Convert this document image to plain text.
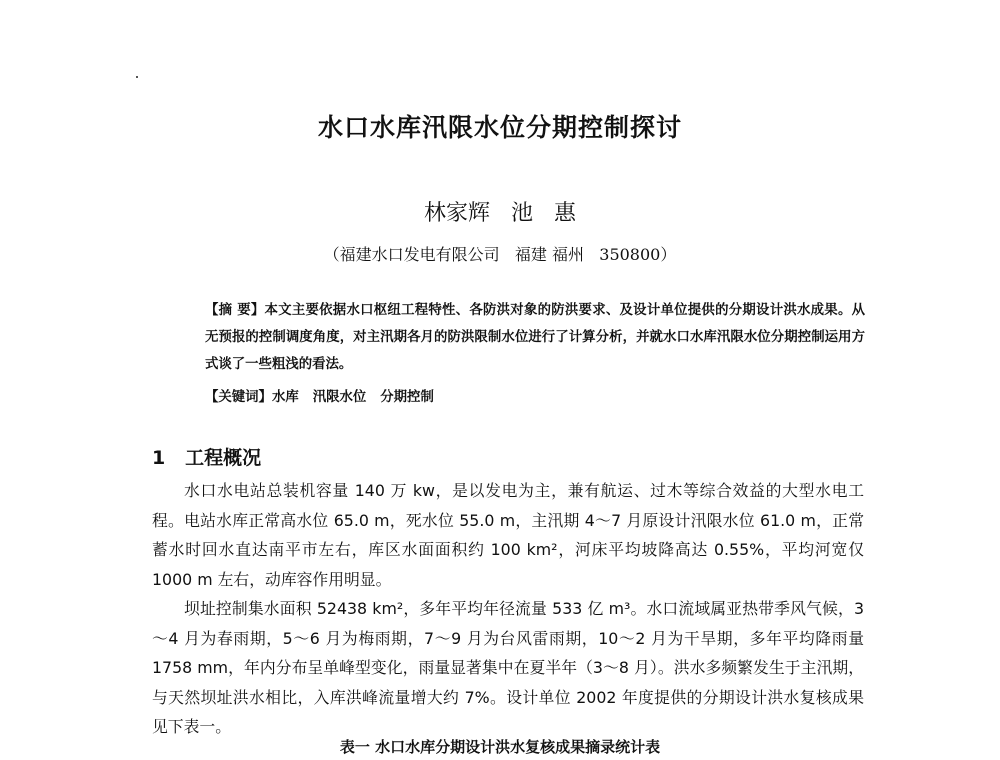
水口水库汛限水位分期控制探讨
林家辉   池   惠
（福建水口发电有限公司   福建 福州   350800）
【摘 要】本文主要依据水口枢纽工程特性、各防洪对象的防洪要求、及设计单位提供的分期设计洪水成果。从无预报的控制调度角度，对主汛期各月的防洪限制水位进行了计算分析，并就水口水库汛限水位分期控制运用方式谈了一些粗浅的看法。
【关键词】水库   汛限水位   分期控制
1   工程概况
水口水电站总装机容量 140 万 kw，是以发电为主，兼有航运、过木等综合效益的大型水电工程。电站水库正常高水位 65.0 m，死水位 55.0 m，主汛期 4～7 月原设计汛限水位 61.0 m，正常蓄水时回水直达南平市左右，库区水面面积约 100 km²，河床平均坡降高达 0.55%，平均河宽仅 1000 m 左右，动库容作用明显。
坝址控制集水面积 52438 km²，多年平均年径流量 533 亿 m³。水口流域属亚热带季风气候，3～4 月为春雨期，5～6 月为梅雨期，7～9 月为台风雷雨期，10～2 月为干旱期，多年平均降雨量 1758 mm，年内分布呈单峰型变化，雨量显著集中在夏半年（3～8 月）。洪水多频繁发生于主汛期，与天然坝址洪水相比，入库洪峰流量增大约 7%。设计单位 2002 年度提供的分期设计洪水复核成果见下表一。
表一 水口水库分期设计洪水复核成果摘录统计表
